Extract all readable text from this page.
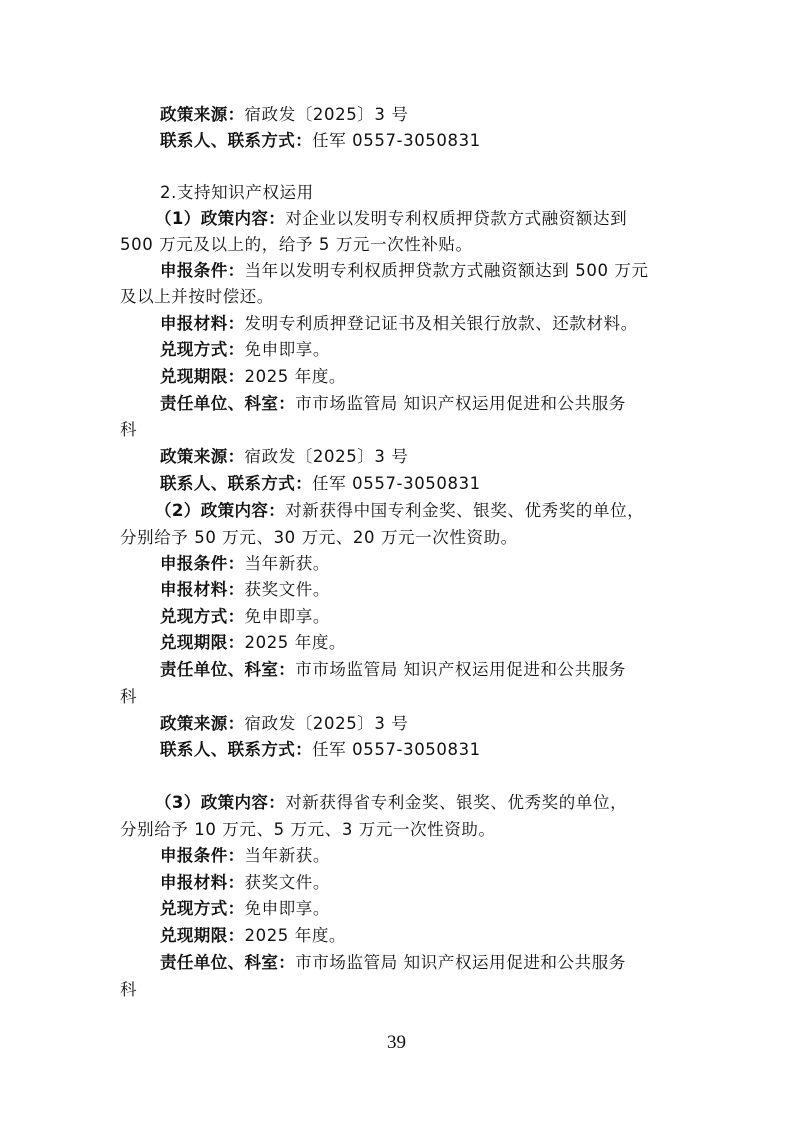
政策来源：宿政发〔2025〕3 号
联系人、联系方式：任军 0557-3050831
2.支持知识产权运用
（1）政策内容：对企业以发明专利权质押贷款方式融资额达到
500 万元及以上的，给予 5 万元一次性补贴。
申报条件：当年以发明专利权质押贷款方式融资额达到 500 万元
及以上并按时偿还。
申报材料：发明专利质押登记证书及相关银行放款、还款材料。
兑现方式：免申即享。
兑现期限：2025 年度。
责任单位、科室：市市场监管局 知识产权运用促进和公共服务
科
政策来源：宿政发〔2025〕3 号
联系人、联系方式：任军 0557-3050831
（2）政策内容：对新获得中国专利金奖、银奖、优秀奖的单位，
分别给予 50 万元、30 万元、20 万元一次性资助。
申报条件：当年新获。
申报材料：获奖文件。
兑现方式：免申即享。
兑现期限：2025 年度。
责任单位、科室：市市场监管局 知识产权运用促进和公共服务
科
政策来源：宿政发〔2025〕3 号
联系人、联系方式：任军 0557-3050831
（3）政策内容：对新获得省专利金奖、银奖、优秀奖的单位，
分别给予 10 万元、5 万元、3 万元一次性资助。
申报条件：当年新获。
申报材料：获奖文件。
兑现方式：免申即享。
兑现期限：2025 年度。
责任单位、科室：市市场监管局 知识产权运用促进和公共服务
科
39
